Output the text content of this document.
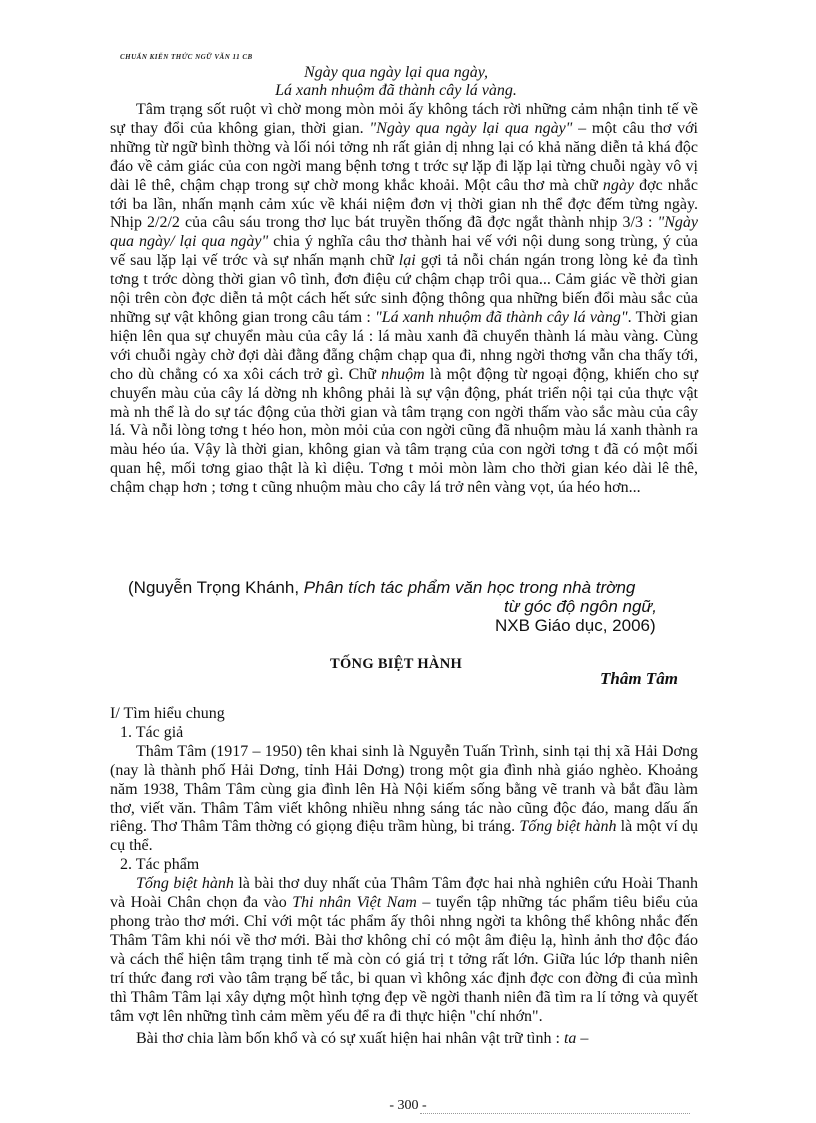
CHUẨN KIẾN THỨC NGỮ VĂN 11 CB
Ngày qua ngày lại qua ngày,
Lá xanh nhuộm đã thành cây lá vàng.

Tâm trạng sốt ruột vì chờ mong mòn mỏi ấy không tách rời những cảm nhận tinh tế về sự thay đổi của không gian, thời gian. "Ngày qua ngày lại qua ngày" – một câu thơ với những từ ngữ bình thờng và lối nói tởng nh rất giản dị nhng lại có khả năng diễn tả khá độc đáo về cảm giác của con ngời mang bệnh tơng t trớc sự lặp đi lặp lại từng chuỗi ngày vô vị dài lê thê, chậm chạp trong sự chờ mong khắc khoải. Một câu thơ mà chữ ngày đợc nhắc tới ba lần, nhấn mạnh cảm xúc về khái niệm đơn vị thời gian nh thể đợc đếm từng ngày. Nhịp 2/2/2 của câu sáu trong thơ lục bát truyền thống đã đợc ngắt thành nhịp 3/3 : "Ngày qua ngày/ lại qua ngày" chia ý nghĩa câu thơ thành hai vế với nội dung song trùng, ý của vế sau lặp lại vế trớc và sự nhấn mạnh chữ lại gợi tả nỗi chán ngán trong lòng kẻ đa tình tơng t trớc dòng thời gian vô tình, đơn điệu cứ chậm chạp trôi qua... Cảm giác về thời gian nội trên còn đợc diễn tả một cách hết sức sinh động thông qua những biến đổi màu sắc của những sự vật không gian trong câu tám : "Lá xanh nhuộm đã thành cây lá vàng". Thời gian hiện lên qua sự chuyển màu của cây lá : lá màu xanh đã chuyển thành lá màu vàng. Cùng với chuỗi ngày chờ đợi dài đằng đẵng chậm chạp qua đi, nhng ngời thơng vẫn cha thấy tới, cho dù chẳng có xa xôi cách trở gì. Chữ nhuộm là một động từ ngoại động, khiến cho sự chuyển màu của cây lá dờng nh không phải là sự vận động, phát triển nội tại của thực vật mà nh thể là do sự tác động của thời gian và tâm trạng con ngời thấm vào sắc màu của cây lá. Và nỗi lòng tơng t héo hon, mòn mỏi của con ngời cũng đã nhuộm màu lá xanh thành ra màu héo úa. Vậy là thời gian, không gian và tâm trạng của con ngời tơng t đã có một mối quan hệ, mối tơng giao thật là kì diệu. Tơng t mỏi mòn làm cho thời gian kéo dài lê thê, chậm chạp hơn ; tơng t cũng nhuộm màu cho cây lá trở nên vàng vọt, úa héo hơn...

(Nguyễn Trọng Khánh, Phân tích tác phẩm văn học trong nhà trờng
từ góc độ ngôn ngữ,
NXB Giáo dục, 2006)
TỐNG BIỆT HÀNH
Thâm Tâm

I/ Tìm hiểu chung

1. Tác giả

Thâm Tâm (1917 – 1950) tên khai sinh là Nguyễn Tuấn Trình, sinh tại thị xã Hải Dơng (nay là thành phố Hải Dơng, tỉnh Hải Dơng) trong một gia đình nhà giáo nghèo. Khoảng năm 1938, Thâm Tâm cùng gia đình lên Hà Nội kiếm sống bằng vẽ tranh và bắt đầu làm thơ, viết văn. Thâm Tâm viết không nhiều nhng sáng tác nào cũng độc đáo, mang dấu ấn riêng. Thơ Thâm Tâm thờng có giọng điệu trầm hùng, bi tráng. Tống biệt hành là một ví dụ cụ thể.

2. Tác phẩm

Tống biệt hành là bài thơ duy nhất của Thâm Tâm đợc hai nhà nghiên cứu Hoài Thanh và Hoài Chân chọn đa vào Thi nhân Việt Nam – tuyển tập những tác phẩm tiêu biểu của phong trào thơ mới. Chỉ với một tác phẩm ấy thôi nhng ngời ta không thể không nhắc đến Thâm Tâm khi nói về thơ mới. Bài thơ không chỉ có một âm điệu lạ, hình ảnh thơ độc đáo và cách thể hiện tâm trạng tinh tế mà còn có giá trị t tởng rất lớn. Giữa lúc lớp thanh niên trí thức đang rơi vào tâm trạng bế tắc, bi quan vì không xác định đợc con đờng đi của mình thì Thâm Tâm lại xây dựng một hình tợng đẹp về ngời thanh niên đã tìm ra lí tởng và quyết tâm vợt lên những tình cảm mềm yếu để ra đi thực hiện "chí nhớn".

Bài thơ chia làm bốn khổ và có sự xuất hiện hai nhân vật trữ tình : ta –

- 300 -
